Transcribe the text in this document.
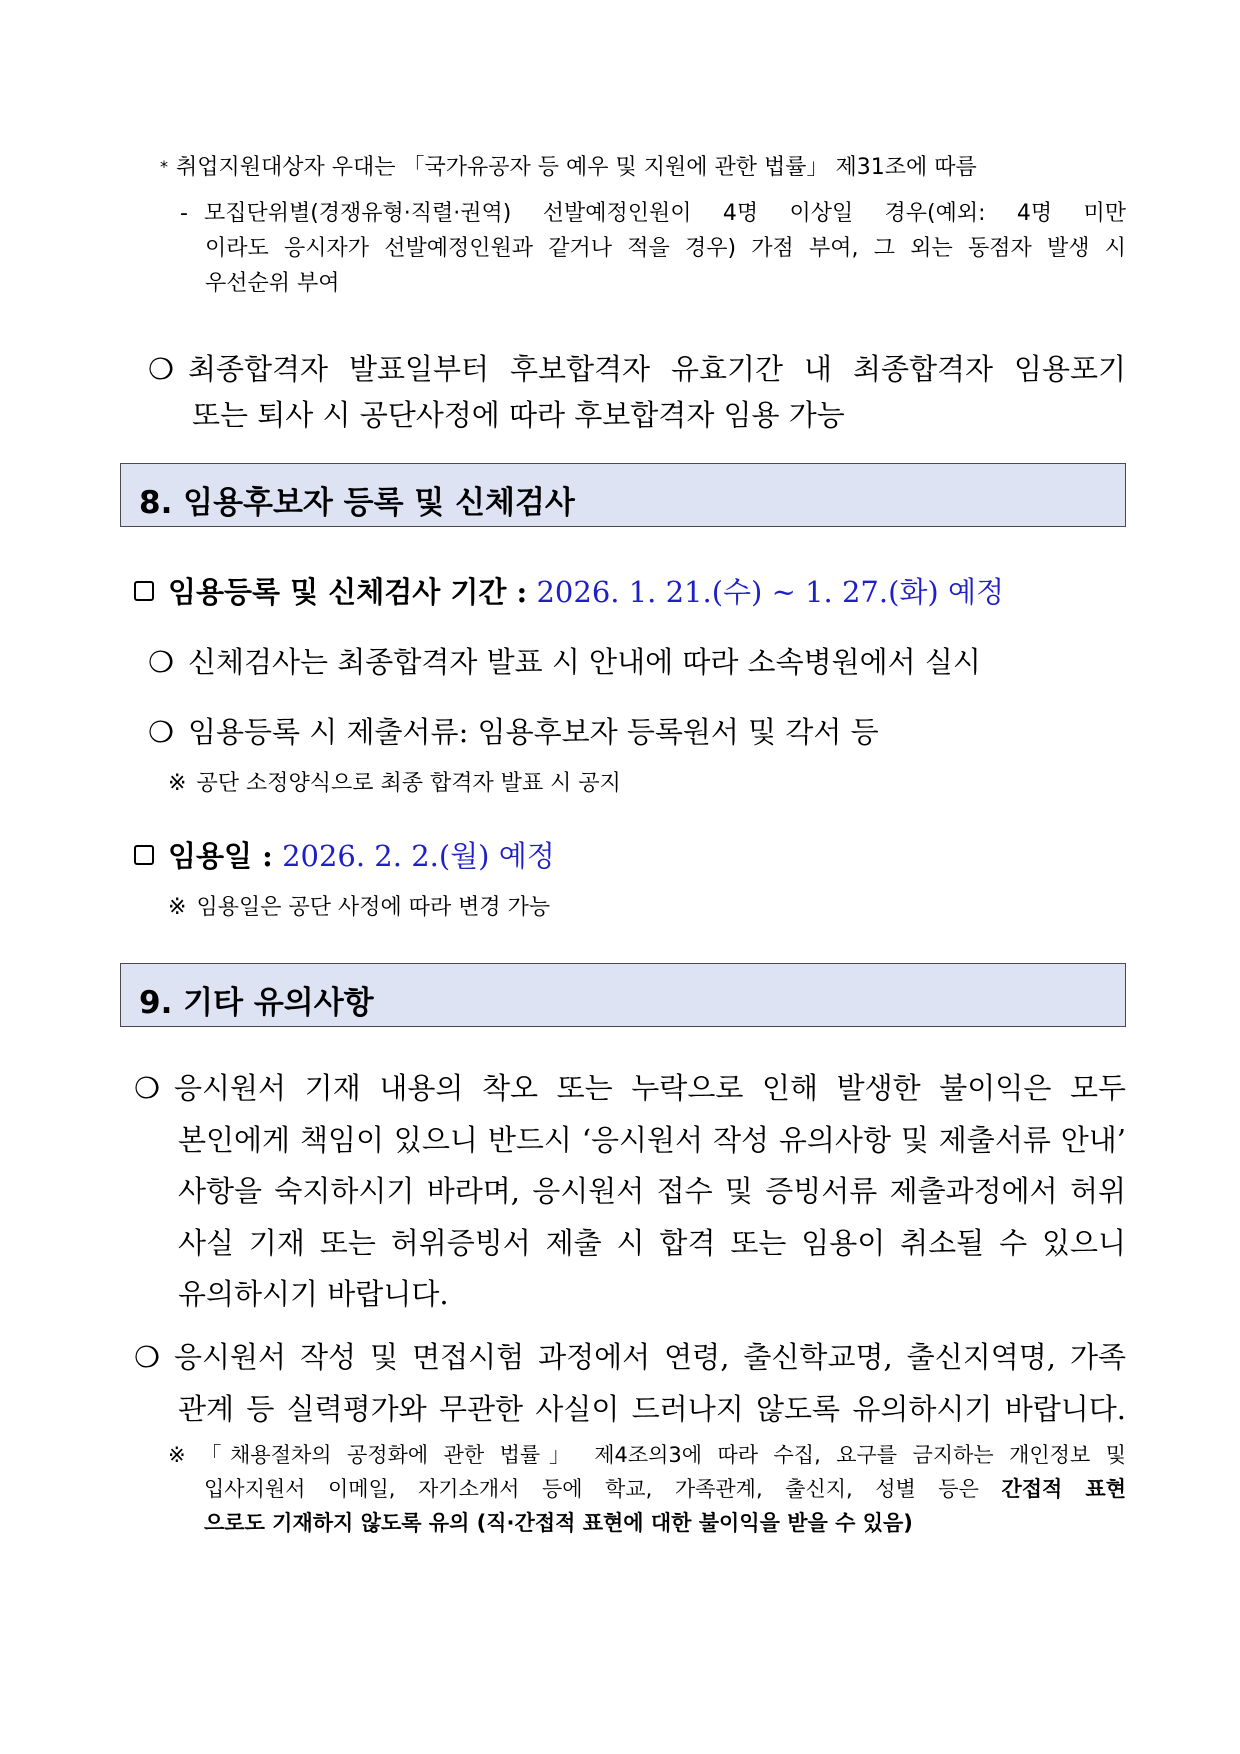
* 취업지원대상자 우대는 「국가유공자 등 예우 및 지원에 관한 법률」 제31조에 따름
- 모집단위별(경쟁유형·직렬·권역) 선발예정인원이 4명 이상일 경우(예외: 4명 미만
이라도 응시자가 선발예정인원과 같거나 적을 경우) 가점 부여, 그 외는 동점자 발생 시
우선순위 부여
❍ 최종합격자 발표일부터 후보합격자 유효기간 내 최종합격자 임용포기
또는 퇴사 시 공단사정에 따라 후보합격자 임용 가능
8. 임용후보자 등록 및 신체검사
임용등록 및 신체검사 기간 : 2026. 1. 21.(수) ~ 1. 27.(화) 예정
❍ 신체검사는 최종합격자 발표 시 안내에 따라 소속병원에서 실시
❍ 임용등록 시 제출서류: 임용후보자 등록원서 및 각서 등
※ 공단 소정양식으로 최종 합격자 발표 시 공지
임용일 : 2026. 2. 2.(월) 예정
※ 임용일은 공단 사정에 따라 변경 가능
9. 기타 유의사항
❍ 응시원서 기재 내용의 착오 또는 누락으로 인해 발생한 불이익은 모두
본인에게 책임이 있으니 반드시 ‘응시원서 작성 유의사항 및 제출서류 안내’
사항을 숙지하시기 바라며, 응시원서 접수 및 증빙서류 제출과정에서 허위
사실 기재 또는 허위증빙서 제출 시 합격 또는 임용이 취소될 수 있으니
유의하시기 바랍니다.
❍ 응시원서 작성 및 면접시험 과정에서 연령, 출신학교명, 출신지역명, 가족
관계 등 실력평가와 무관한 사실이 드러나지 않도록 유의하시기 바랍니다.
※ 「채용절차의 공정화에 관한 법률」 제4조의3에 따라 수집, 요구를 금지하는 개인정보 및
입사지원서 이메일, 자기소개서 등에 학교, 가족관계, 출신지, 성별 등은 간접적 표현
으로도 기재하지 않도록 유의 (직·간접적 표현에 대한 불이익을 받을 수 있음)
